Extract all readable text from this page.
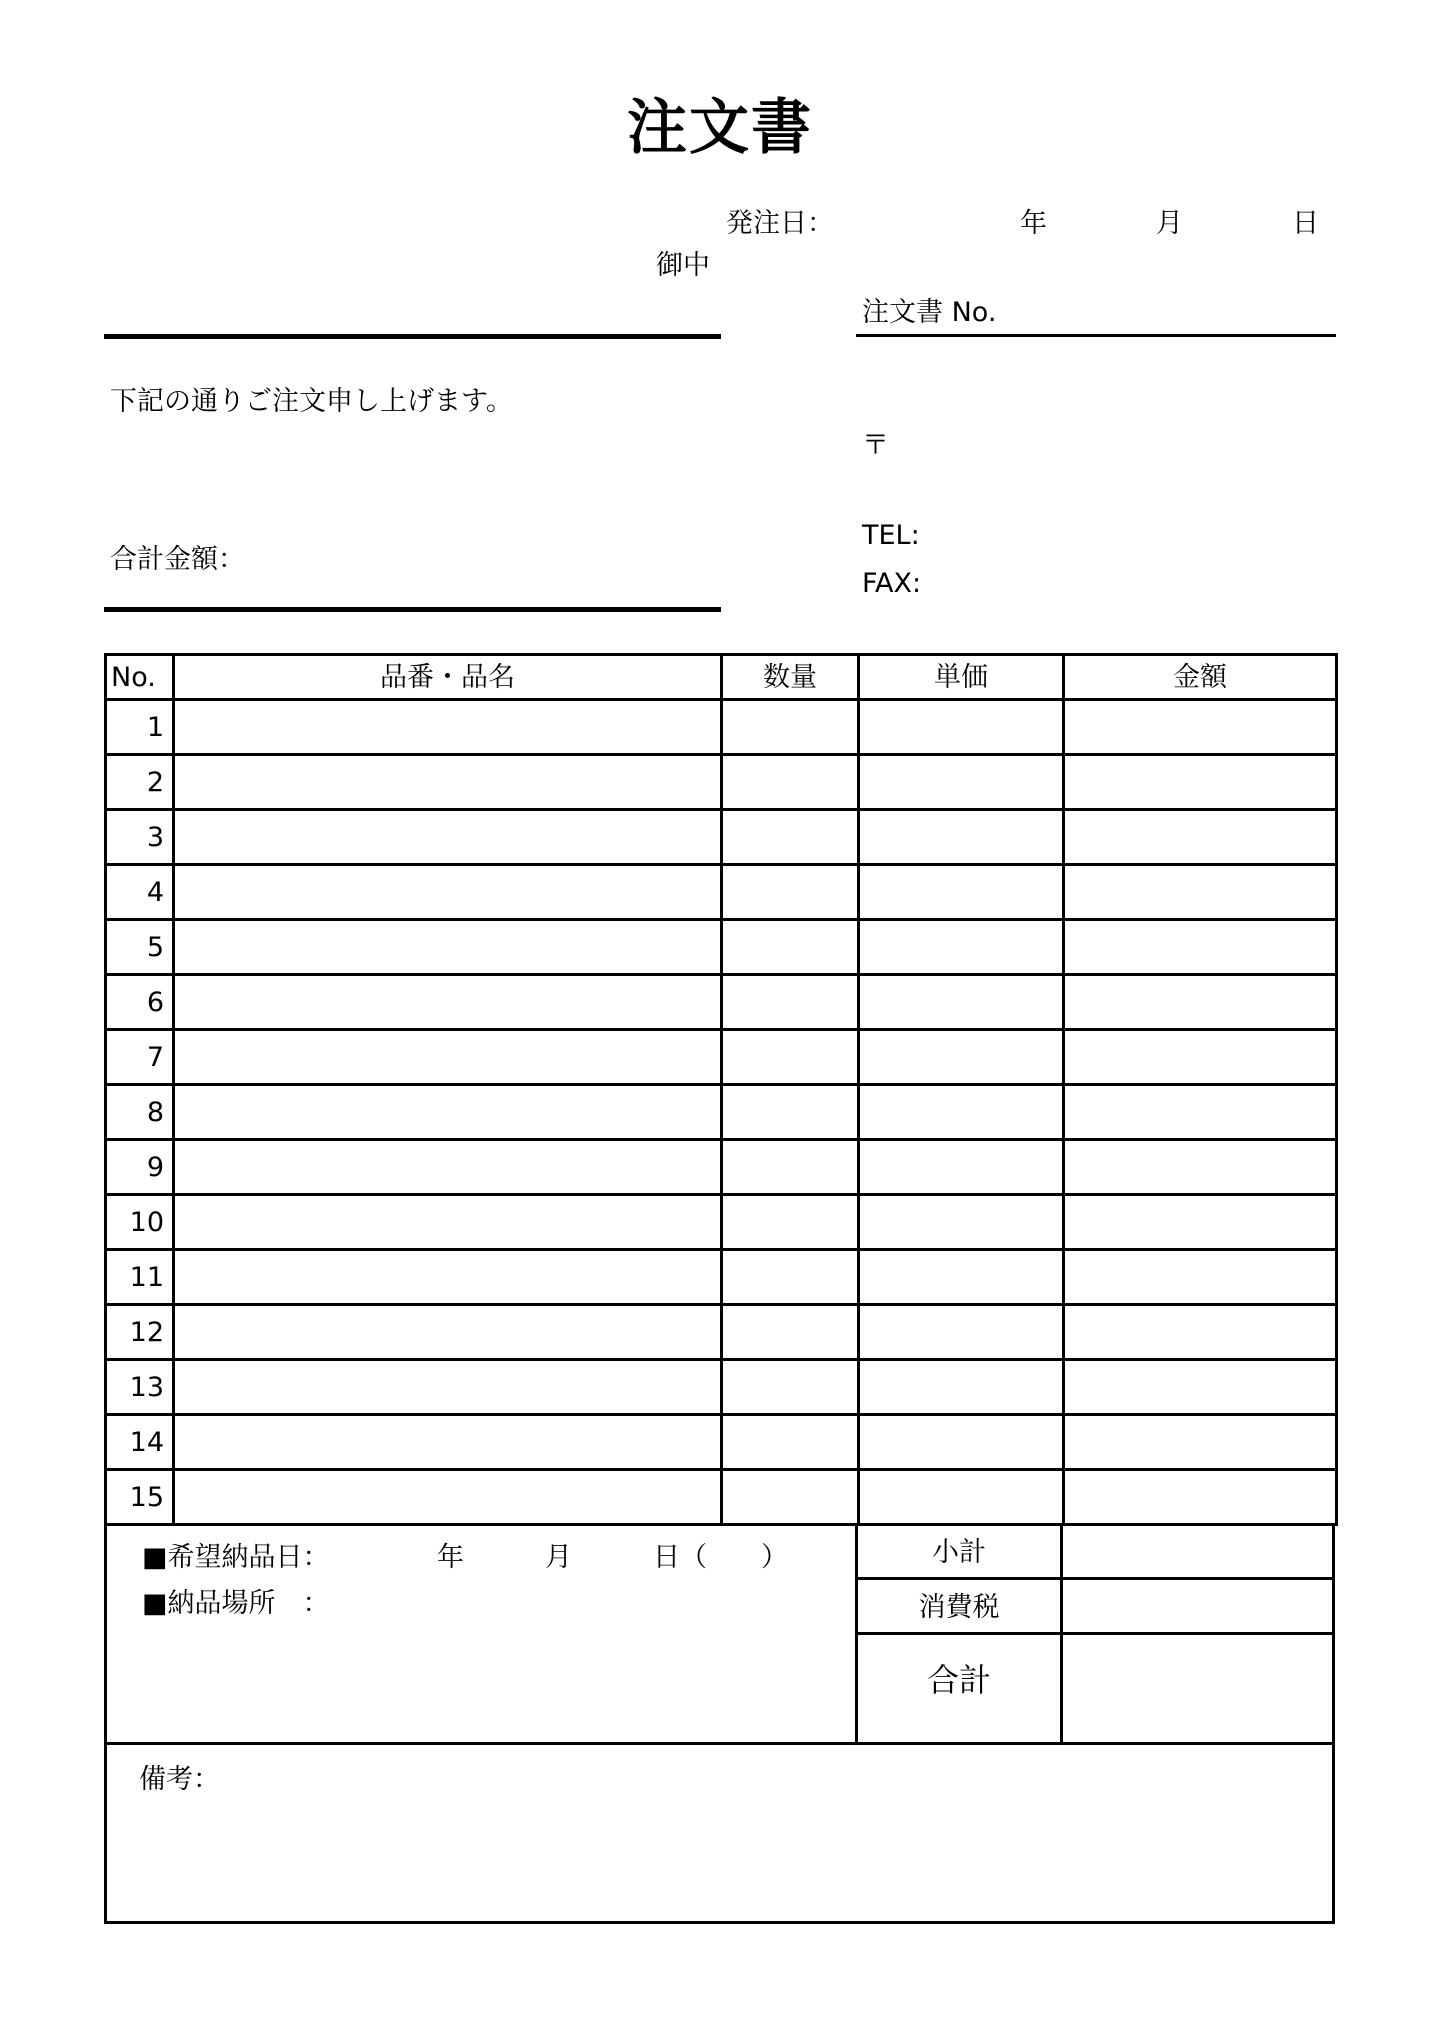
注文書
発注日：	年	月	日
御中
注文書 No.
下記の通りご注文申し上げます。
〒
TEL:
FAX:
合計金額：
No.	品番・品名	数量	単価	金額
1				
2				
3				
4				
5				
6				
7				
8				
9				
10				
11				
12				
13				
14				
15				
■希望納品日：	年	月	日（　　）
■納品場所　：
小計
消費税
合計
備考：
